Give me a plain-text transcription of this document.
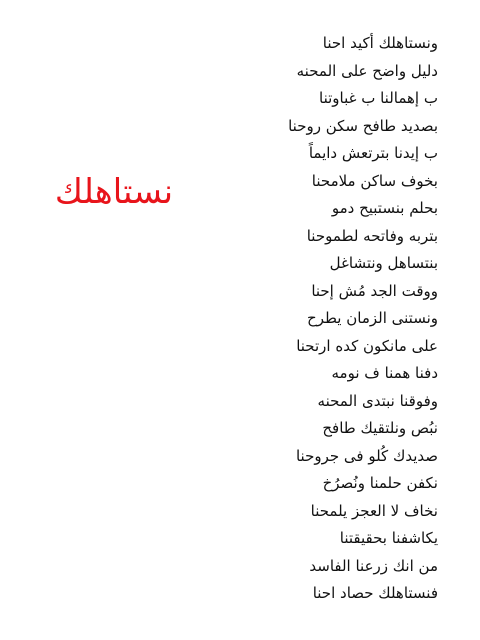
نستاهلك
ونستاهلك أكيد احنا
دليل واضح على المحنه
ب إهمالنا ب غباوتنا
بصديد طافح سكن روحنا
ب إيدنا بترتعش دايماً
بخوف ساكن ملامحنا
بحلم بنستبيح دمو
بتربه وفاتحه لطموحنا
بنتساهل ونتشاغل
ووقت الجد مُش إحنا
ونستنى الزمان يطرح
على مانكون كده ارتحنا
دفنا همنا ف نومه
وفوقنا نبتدى المحنه
نبُص ونلتقيك طافح
صديدك كُلو فى جروحنا
نكفن حلمنا ونُصرُخ
نخاف لا العجز يلمحنا
يكاشفنا بحقيقتنا
من انك زرعنا الفاسد
فنستاهلك حصاد احنا
